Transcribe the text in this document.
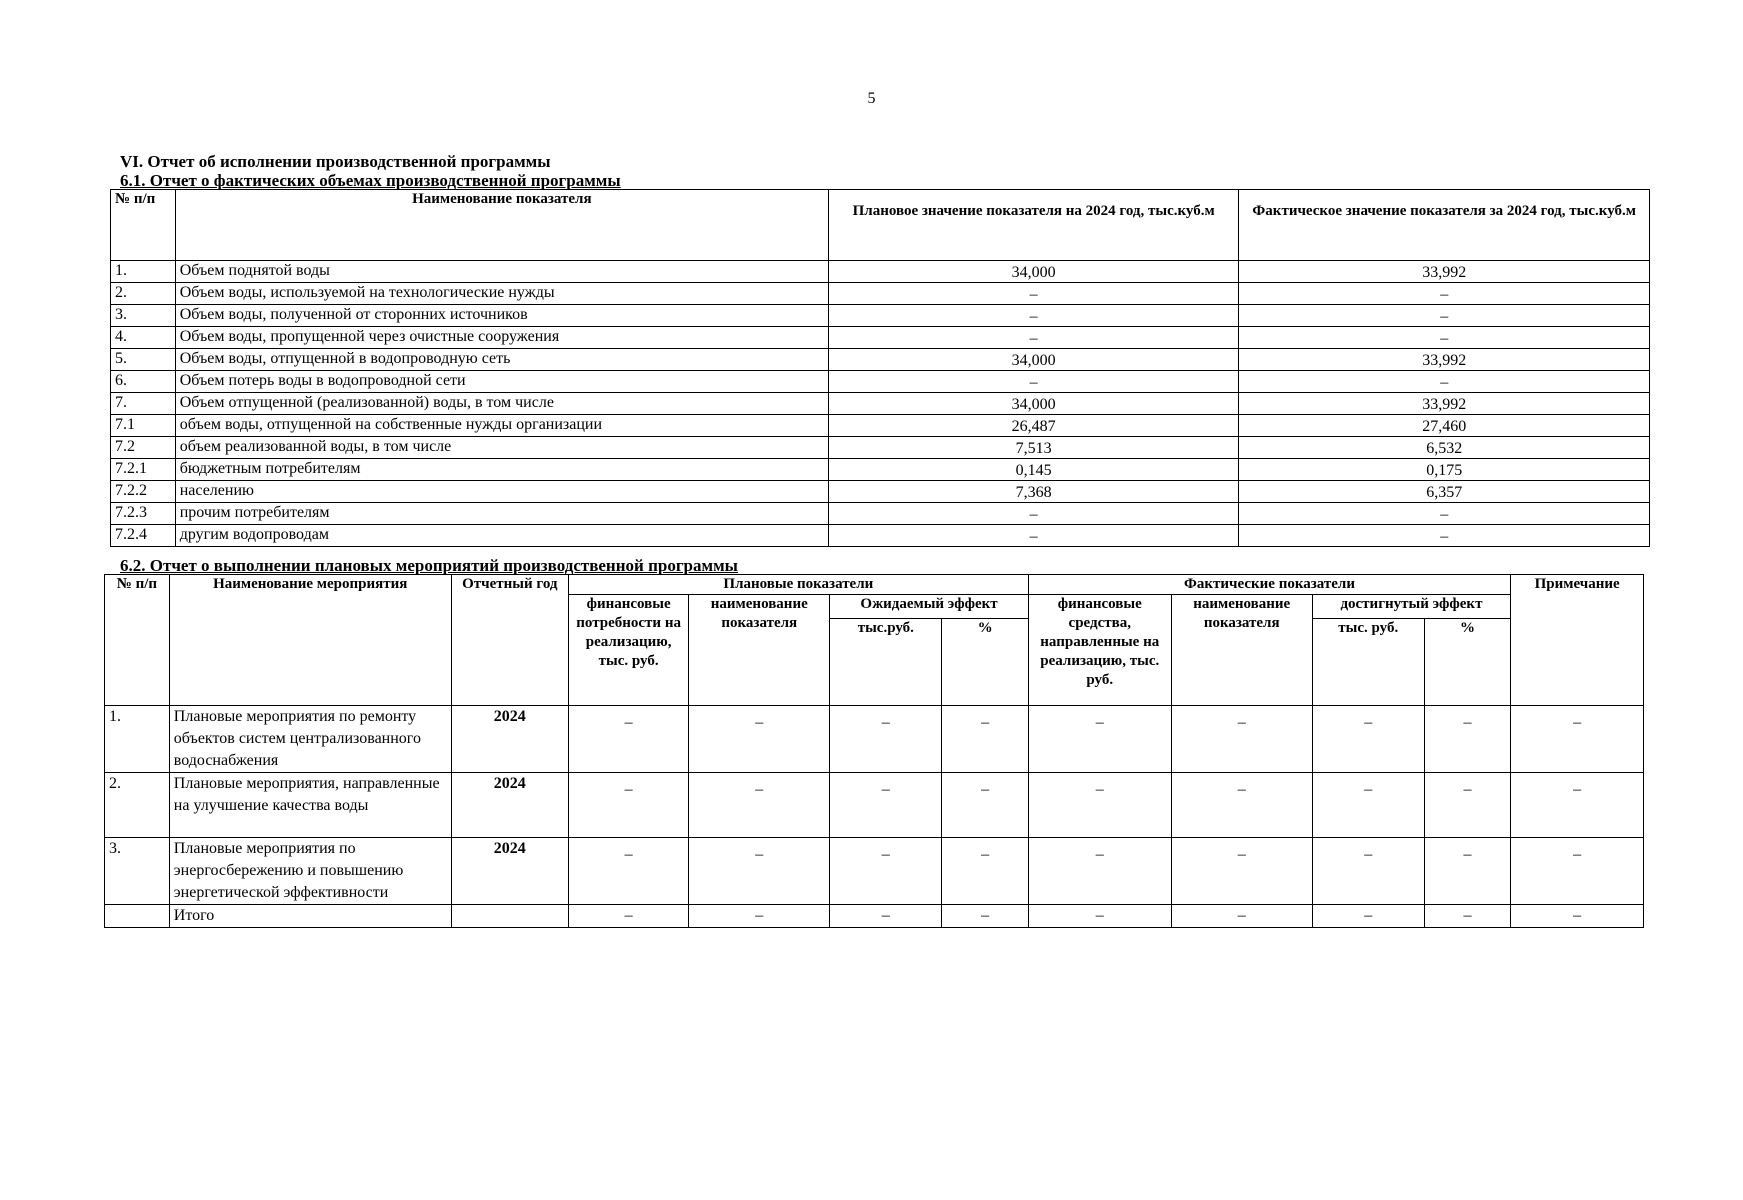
5
VI. Отчет об исполнении производственной программы
6.1. Отчет о фактических объемах производственной программы
№ п/п	Наименование показателя	Плановое значение показателя на 2024 год, тыс.куб.м	Фактическое значение показателя за 2024 год, тыс.куб.м
1.	Объем поднятой воды	34,000	33,992
2.	Объем воды, используемой на технологические нужды	–	–
3.	Объем воды, полученной от сторонних источников	–	–
4.	Объем воды, пропущенной через очистные сооружения	–	–
5.	Объем воды, отпущенной в водопроводную сеть	34,000	33,992
6.	Объем потерь воды в водопроводной сети	–	–
7.	Объем отпущенной (реализованной) воды, в том числе	34,000	33,992
7.1	объем воды, отпущенной на собственные нужды организации	26,487	27,460
7.2	объем реализованной воды, в том числе	7,513	6,532
7.2.1	бюджетным потребителям	0,145	0,175
7.2.2	населению	7,368	6,357
7.2.3	прочим потребителям	–	–
7.2.4	другим водопроводам	–	–
6.2. Отчет о выполнении плановых мероприятий производственной программы
№ п/п	Наименование мероприятия	Отчетный год	Плановые показатели				Фактические показатели				Примечание
			финансовые потребности на реализацию, тыс. руб.	наименование показателя	Ожидаемый эффект		финансовые средства, направленные на реализацию, тыс. руб.	наименование показателя	достигнутый эффект		
					тыс.руб.	%			тыс. руб.	%	
1.	Плановые мероприятия по ремонту объектов систем централизованного водоснабжения	2024	–	–	–	–	–	–	–	–	–
2.	Плановые мероприятия, направленные на улучшение качества воды	2024	–	–	–	–	–	–	–	–	–
3.	Плановые мероприятия по энергосбережению и повышению энергетической эффективности	2024	–	–	–	–	–	–	–	–	–
	Итого		–	–	–	–	–	–	–	–	–
